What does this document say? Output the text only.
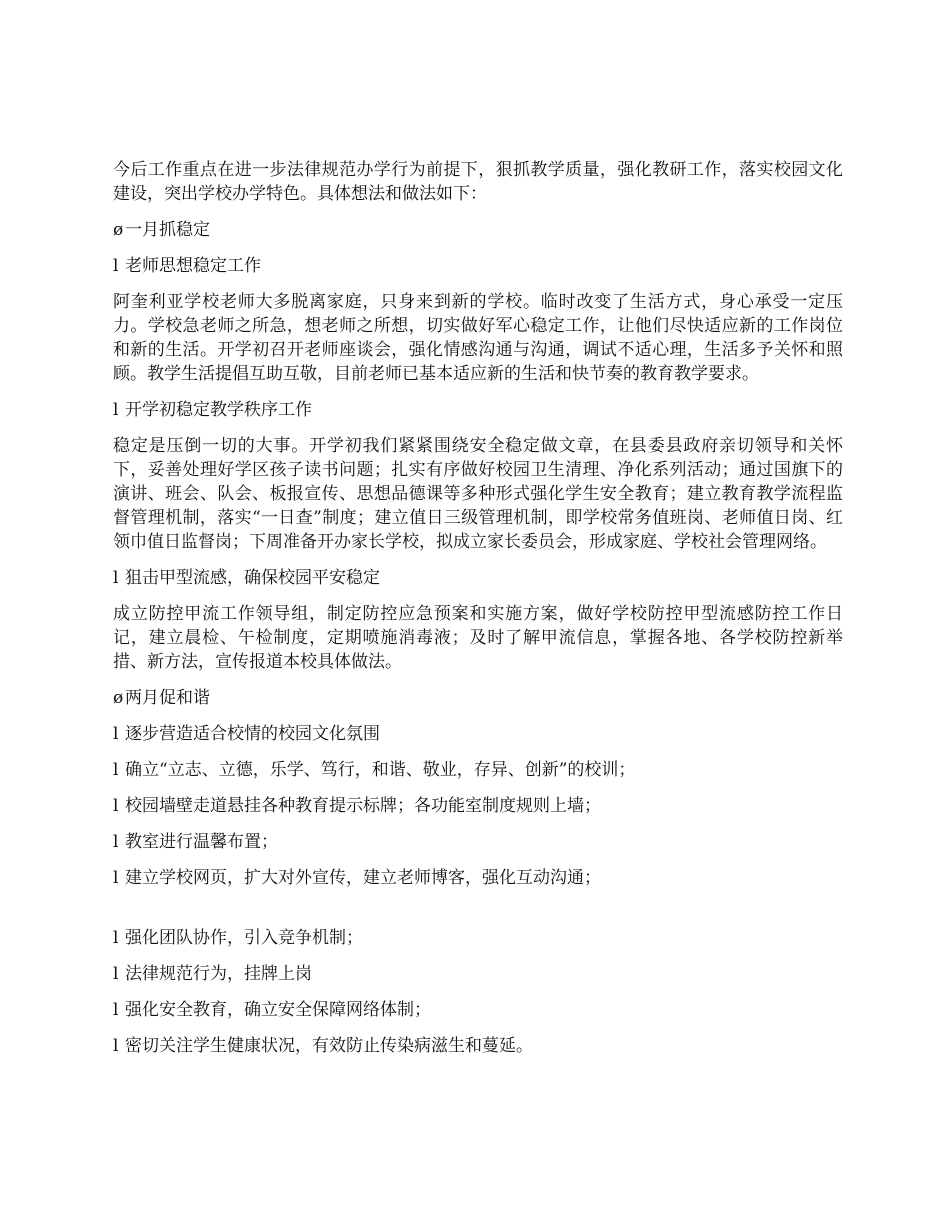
今后工作重点在进一步法律规范办学行为前提下，狠抓教学质量，强化教研工作，落实校园文化建设，突出学校办学特色。具体想法和做法如下：

ø 一月抓稳定

l 老师思想稳定工作

阿奎利亚学校老师大多脱离家庭，只身来到新的学校。临时改变了生活方式，身心承受一定压力。学校急老师之所急，想老师之所想，切实做好军心稳定工作，让他们尽快适应新的工作岗位和新的生活。开学初召开老师座谈会，强化情感沟通与沟通，调试不适心理，生活多予关怀和照顾。教学生活提倡互助互敬，目前老师已基本适应新的生活和快节奏的教育教学要求。

l 开学初稳定教学秩序工作

稳定是压倒一切的大事。开学初我们紧紧围绕安全稳定做文章，在县委县政府亲切领导和关怀下，妥善处理好学区孩子读书问题；扎实有序做好校园卫生清理、净化系列活动；通过国旗下的演讲、班会、队会、板报宣传、思想品德课等多种形式强化学生安全教育；建立教育教学流程监督管理机制，落实“一日查”制度；建立值日三级管理机制，即学校常务值班岗、老师值日岗、红领巾值日监督岗；下周准备开办家长学校，拟成立家长委员会，形成家庭、学校社会管理网络。

l 狙击甲型流感，确保校园平安稳定

成立防控甲流工作领导组，制定防控应急预案和实施方案，做好学校防控甲型流感防控工作日记，建立晨检、午检制度，定期喷施消毒液；及时了解甲流信息，掌握各地、各学校防控新举措、新方法，宣传报道本校具体做法。

ø 两月促和谐

l 逐步营造适合校情的校园文化氛围

l 确立“立志、立德，乐学、笃行，和谐、敬业，存异、创新”的校训；

l 校园墙壁走道悬挂各种教育提示标牌；各功能室制度规则上墙；

l 教室进行温馨布置；

l 建立学校网页，扩大对外宣传，建立老师博客，强化互动沟通；

l 强化团队协作，引入竞争机制；

l 法律规范行为，挂牌上岗

l 强化安全教育，确立安全保障网络体制；

l 密切关注学生健康状况，有效防止传染病滋生和蔓延。
